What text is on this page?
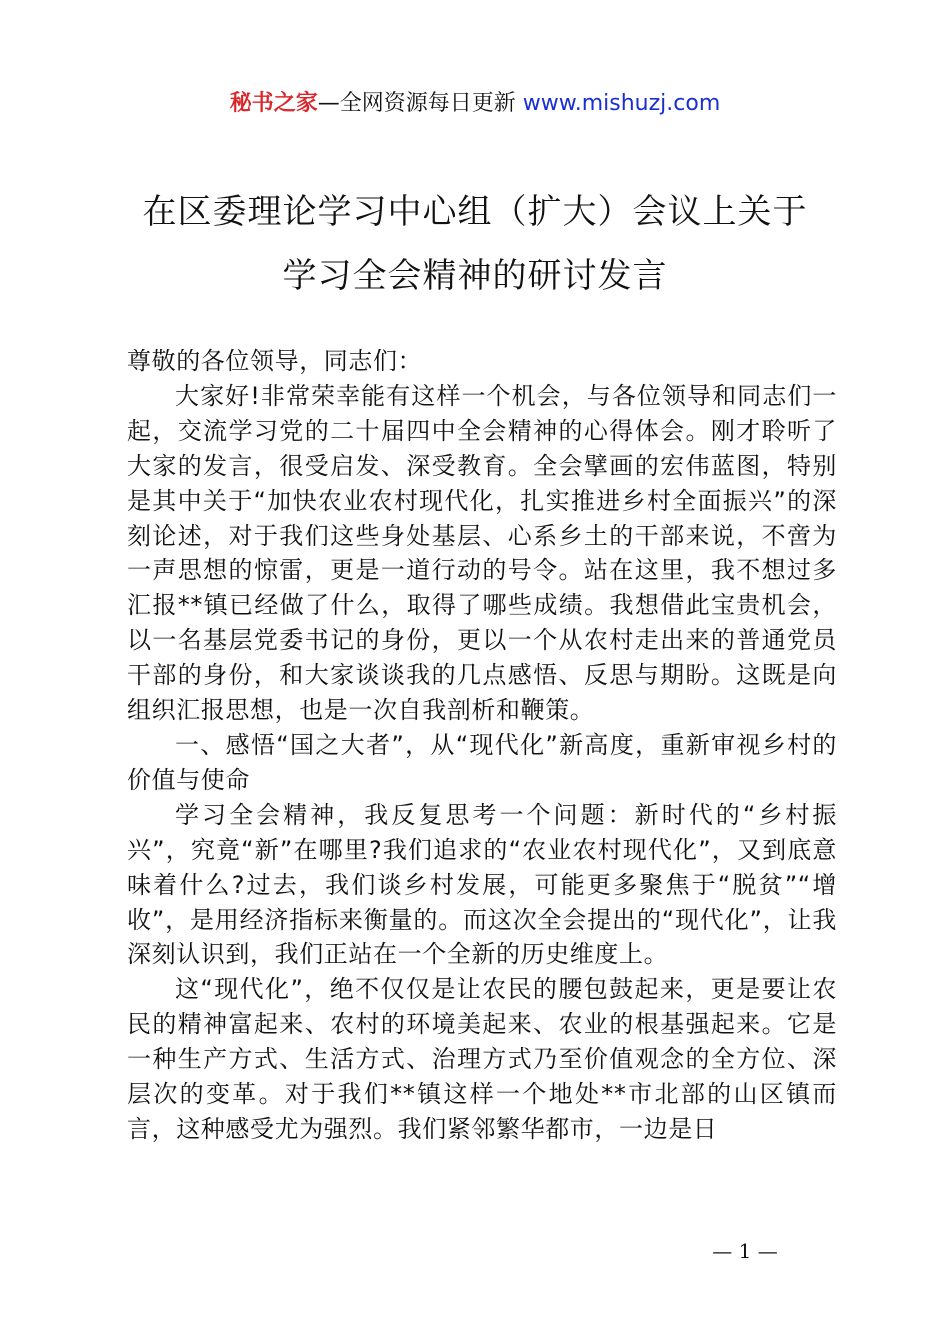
秘书之家—全网资源每日更新 www.mishuzj.com
在区委理论学习中心组（扩大）会议上关于
学习全会精神的研讨发言

尊敬的各位领导，同志们：

大家好!非常荣幸能有这样一个机会，与各位领导和同志们一起，交流学习党的二十届四中全会精神的心得体会。刚才聆听了大家的发言，很受启发、深受教育。全会擘画的宏伟蓝图，特别是其中关于“加快农业农村现代化，扎实推进乡村全面振兴”的深刻论述，对于我们这些身处基层、心系乡土的干部来说，不啻为一声思想的惊雷，更是一道行动的号令。站在这里，我不想过多汇报**镇已经做了什么，取得了哪些成绩。我想借此宝贵机会，以一名基层党委书记的身份，更以一个从农村走出来的普通党员干部的身份，和大家谈谈我的几点感悟、反思与期盼。这既是向组织汇报思想，也是一次自我剖析和鞭策。

一、感悟“国之大者”，从“现代化”新高度，重新审视乡村的价值与使命

学习全会精神，我反复思考一个问题：新时代的“乡村振兴”，究竟“新”在哪里?我们追求的“农业农村现代化”，又到底意味着什么?过去，我们谈乡村发展，可能更多聚焦于“脱贫”“增收”，是用经济指标来衡量的。而这次全会提出的“现代化”，让我深刻认识到，我们正站在一个全新的历史维度上。

这“现代化”，绝不仅仅是让农民的腰包鼓起来，更是要让农民的精神富起来、农村的环境美起来、农业的根基强起来。它是一种生产方式、生活方式、治理方式乃至价值观念的全方位、深层次的变革。对于我们**镇这样一个地处**市北部的山区镇而言，这种感受尤为强烈。我们紧邻繁华都市，一边是日

— 1 —
